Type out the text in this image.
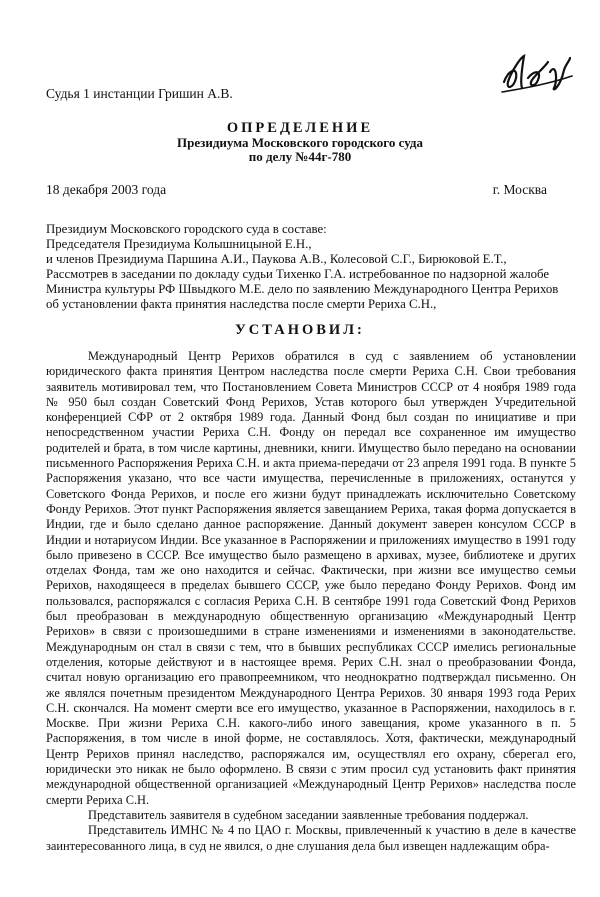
Судья 1 инстанции Гришин А.В.
ОПРЕДЕЛЕНИЕ
Президиума Московского городского суда
по делу №44г-780
18 декабря 2003 года	г. Москва
Президиум Московского городского суда в составе:
Председателя Президиума Колышницыной Е.Н.,
и членов Президиума Паршина А.И., Паукова А.В., Колесовой С.Г., Бирюковой Е.Т.,
Рассмотрев в заседании по докладу судьи Тихенко Г.А. истребованное по надзорной жалобе
Министра культуры РФ Швыдкого М.Е. дело по заявлению Международного Центра Рерихов
об установлении факта принятия наследства после смерти Рериха С.Н.,
УСТАНОВИЛ:

Международный Центр Рерихов обратился в суд с заявлением об установлении юридического факта принятия Центром наследства после смерти Рериха С.Н. Свои требования заявитель мотивировал тем, что Постановлением Совета Министров СССР от 4 ноября 1989 года № 950 был создан Советский Фонд Рерихов, Устав которого был утвержден Учредительной конференцией СФР от 2 октября 1989 года. Данный Фонд был создан по инициативе и при непосредственном участии Рериха С.Н. Фонду он передал все сохраненное им имущество родителей и брата, в том числе картины, дневники, книги. Имущество было передано на основании письменного Распоряжения Рериха С.Н. и акта приема-передачи от 23 апреля 1991 года. В пункте 5 Распоряжения указано, что все части имущества, перечисленные в приложениях, останутся у Советского Фонда Рерихов, и после его жизни будут принадлежать исключительно Советскому Фонду Рерихов. Этот пункт Распоряжения является завещанием Рериха, такая форма допускается в Индии, где и было сделано данное распоряжение. Данный документ заверен консулом СССР в Индии и нотариусом Индии. Все указанное в Распоряжении и приложениях имущество в 1991 году было привезено в СССР. Все имущество было размещено в архивах, музее, библиотеке и других отделах Фонда, там же оно находится и сейчас. Фактически, при жизни все имущество семьи Рерихов, находящееся в пределах бывшего СССР, уже было передано Фонду Рерихов. Фонд им пользовался, распоряжался с согласия Рериха С.Н. В сентябре 1991 года Советский Фонд Рерихов был преобразован в международную общественную организацию «Международный Центр Рерихов» в связи с произошедшими в стране изменениями и изменениями в законодательстве. Международным он стал в связи с тем, что в бывших республиках СССР имелись региональные отделения, которые действуют и в настоящее время. Рерих С.Н. знал о преобразовании Фонда, считал новую организацию его правопреемником, что неоднократно подтверждал письменно. Он же являлся почетным президентом Международного Центра Рерихов. 30 января 1993 года Рерих С.Н. скончался. На момент смерти все его имущество, указанное в Распоряжении, находилось в г. Москве. При жизни Рериха С.Н. какого-либо иного завещания, кроме указанного в п. 5 Распоряжения, в том числе в иной форме, не составлялось. Хотя, фактически, международный Центр Рерихов принял наследство, распоряжался им, осуществлял его охрану, сберегал его, юридически это никак не было оформлено. В связи с этим просил суд установить факт принятия международной общественной организацией «Международный Центр Рерихов» наследства после смерти Рериха С.Н.

Представитель заявителя в судебном заседании заявленные требования поддержал.

Представитель ИМНС № 4 по ЦАО г. Москвы, привлеченный к участию в деле в качестве заинтересованного лица, в суд не явился, о дне слушания дела был извещен надлежащим обра-
